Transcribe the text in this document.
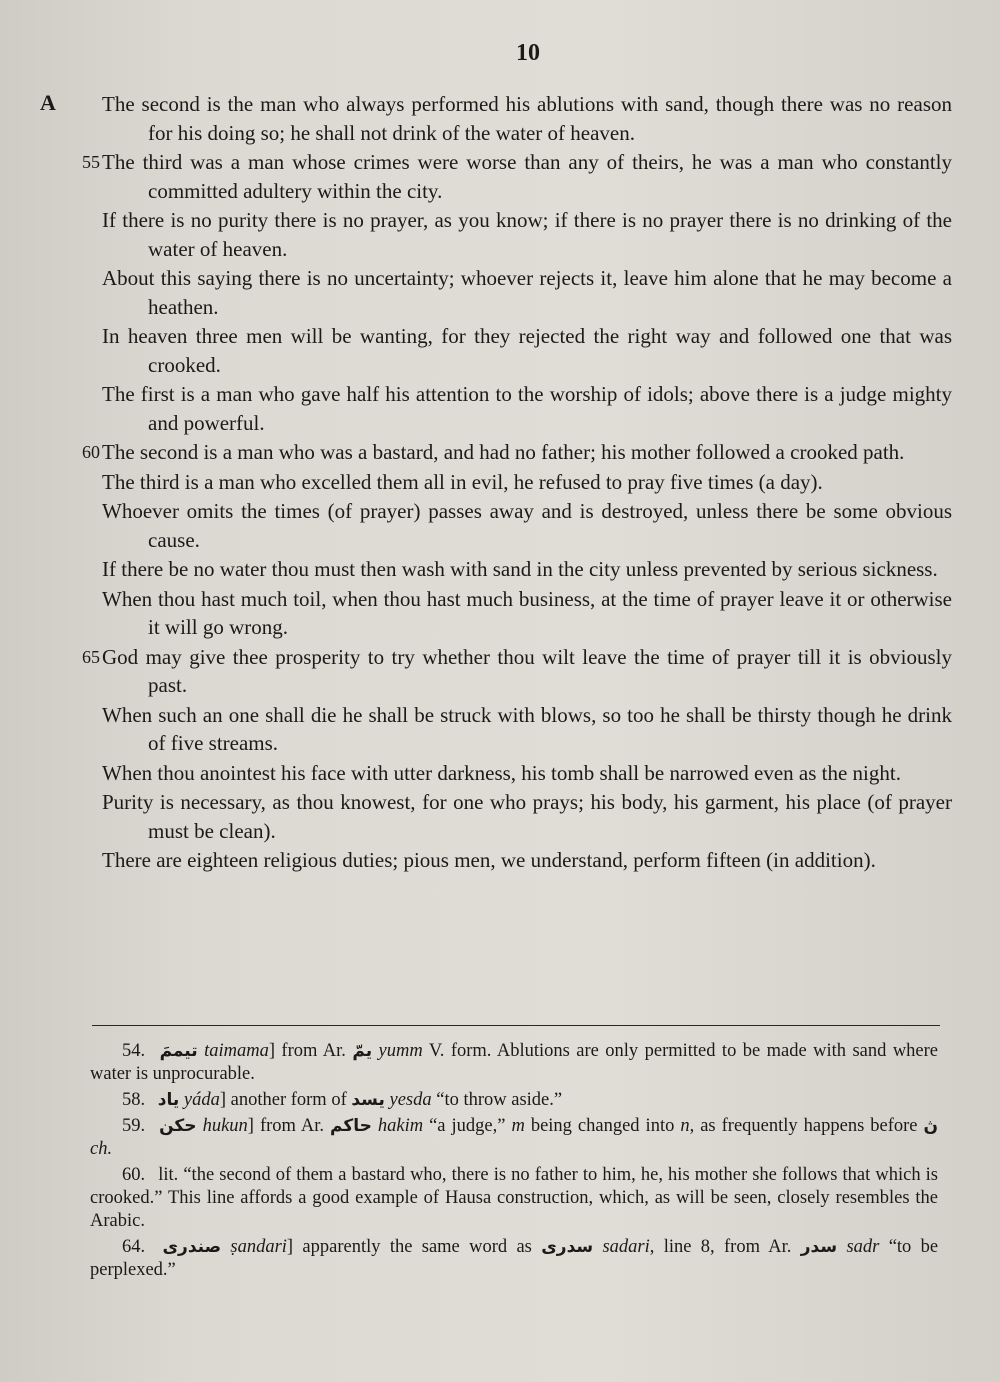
10
A The second is the man who always performed his ablutions with sand, though there was no reason for his doing so; he shall not drink of the water of heaven.

55 The third was a man whose crimes were worse than any of theirs, he was a man who constantly committed adultery within the city.

If there is no purity there is no prayer, as you know; if there is no prayer there is no drinking of the water of heaven.

About this saying there is no uncertainty; whoever rejects it, leave him alone that he may become a heathen.

In heaven three men will be wanting, for they rejected the right way and followed one that was crooked.

The first is a man who gave half his attention to the worship of idols; above there is a judge mighty and powerful.

60 The second is a man who was a bastard, and had no father; his mother followed a crooked path.

The third is a man who excelled them all in evil, he refused to pray five times (a day).

Whoever omits the times (of prayer) passes away and is destroyed, unless there be some obvious cause.

If there be no water thou must then wash with sand in the city unless prevented by serious sickness.

When thou hast much toil, when thou hast much business, at the time of prayer leave it or otherwise it will go wrong.

65 God may give thee prosperity to try whether thou wilt leave the time of prayer till it is obviously past.

When such an one shall die he shall be struck with blows, so too he shall be thirsty though he drink of five streams.

When thou anointest his face with utter darkness, his tomb shall be narrowed even as the night.

Purity is necessary, as thou knowest, for one who prays; his body, his garment, his place (of prayer must be clean).

There are eighteen religious duties; pious men, we understand, perform fifteen (in addition).

54. تيممَ taimama] from Ar. يمّ yumm V. form. Ablutions are only permitted to be made with sand where water is unprocurable.

58. ياد yáda] another form of يسد yesda “to throw aside.”

59. حكن hukun] from Ar. حاكم hakim “a judge,” m being changed into n, as frequently happens before ڽ ch.

60. lit. “the second of them a bastard who, there is no father to him, he, his mother she follows that which is crooked.” This line affords a good example of Hausa construction, which, as will be seen, closely resembles the Arabic.

64. صندرى ṣandari] apparently the same word as سدرى sadari, line 8, from Ar. سدر sadr “to be perplexed.”
